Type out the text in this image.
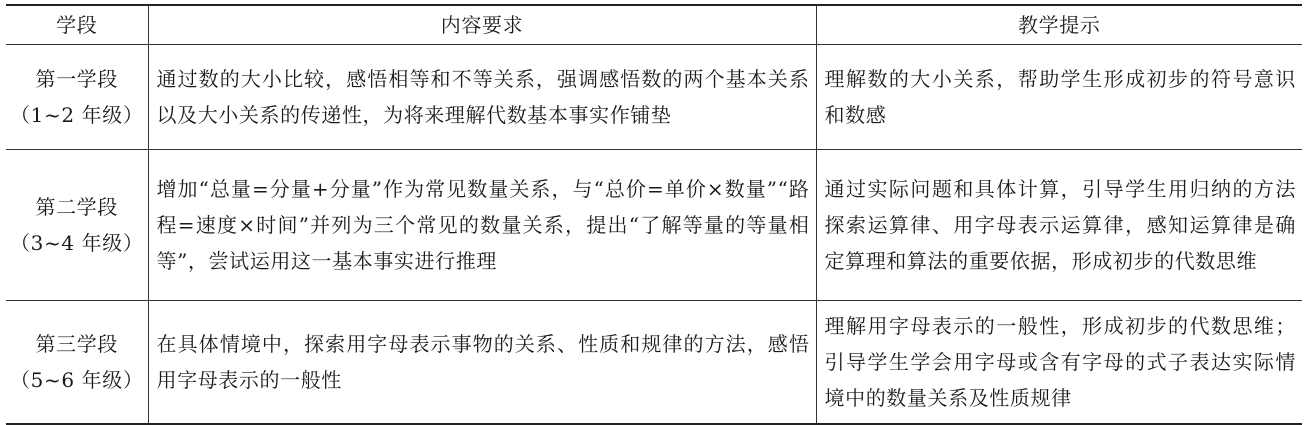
学段	内容要求	教学提示

第一学段
（1~2 年级）	通过数的大小比较，感悟相等和不等关系，强调感悟数的两个基本关系以及大小关系的传递性，为将来理解代数基本事实作铺垫	理解数的大小关系，帮助学生形成初步的符号意识和数感

第二学段
（3~4 年级）	增加“总量=分量+分量”作为常见数量关系，与“总价=单价×数量”“路程=速度×时间”并列为三个常见的数量关系，提出“了解等量的等量相等”，尝试运用这一基本事实进行推理	通过实际问题和具体计算，引导学生用归纳的方法探索运算律、用字母表示运算律，感知运算律是确定算理和算法的重要依据，形成初步的代数思维

第三学段
（5~6 年级）	在具体情境中，探索用字母表示事物的关系、性质和规律的方法，感悟用字母表示的一般性	理解用字母表示的一般性，形成初步的代数思维；引导学生学会用字母或含有字母的式子表达实际情境中的数量关系及性质规律
